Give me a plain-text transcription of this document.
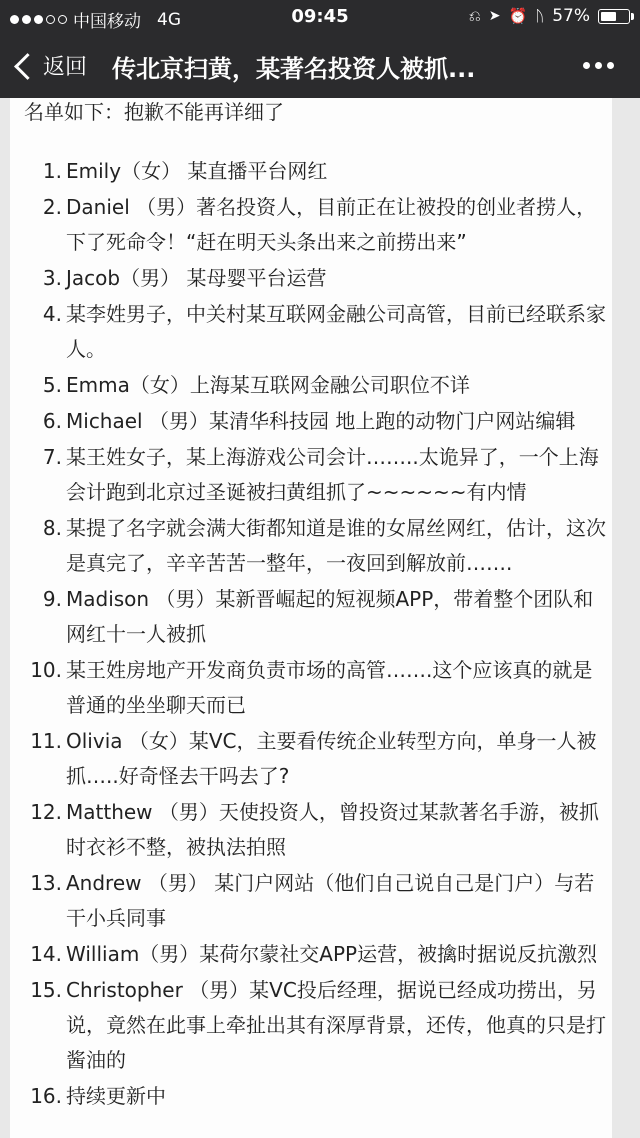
中国移动 4G	09:45	⎌ ➤ ⏰ ᚢ 57%
返回 传北京扫黄，某著名投资人被抓...
名单如下：抱歉不能再详细了
1. Emily（女） 某直播平台网红
2. Daniel （男）著名投资人，目前正在让被投的创业者捞人，下了死命令！“赶在明天头条出来之前捞出来”
3. Jacob（男） 某母婴平台运营
4. 某李姓男子，中关村某互联网金融公司高管，目前已经联系家人。
5. Emma（女）上海某互联网金融公司职位不详
6. Michael （男）某清华科技园 地上跑的动物门户网站编辑
7. 某王姓女子，某上海游戏公司会计……..太诡异了，一个上海会计跑到北京过圣诞被扫黄组抓了~~~~~~有内情
8. 某提了名字就会满大街都知道是谁的女屌丝网红，估计，这次是真完了，辛辛苦苦一整年，一夜回到解放前…….
9. Madison （男）某新晋崛起的短视频APP，带着整个团队和网红十一人被抓
10. 某王姓房地产开发商负责市场的高管…….这个应该真的就是普通的坐坐聊天而已
11. Olivia （女）某VC，主要看传统企业转型方向，单身一人被抓…..好奇怪去干吗去了?
12. Matthew （男）天使投资人，曾投资过某款著名手游，被抓时衣衫不整，被执法拍照
13. Andrew （男） 某门户网站（他们自己说自己是门户）与若干小兵同事
14. William（男）某荷尔蒙社交APP运营，被擒时据说反抗激烈
15. Christopher （男）某VC投后经理，据说已经成功捞出，另说，竟然在此事上牵扯出其有深厚背景，还传，他真的只是打酱油的
16. 持续更新中
